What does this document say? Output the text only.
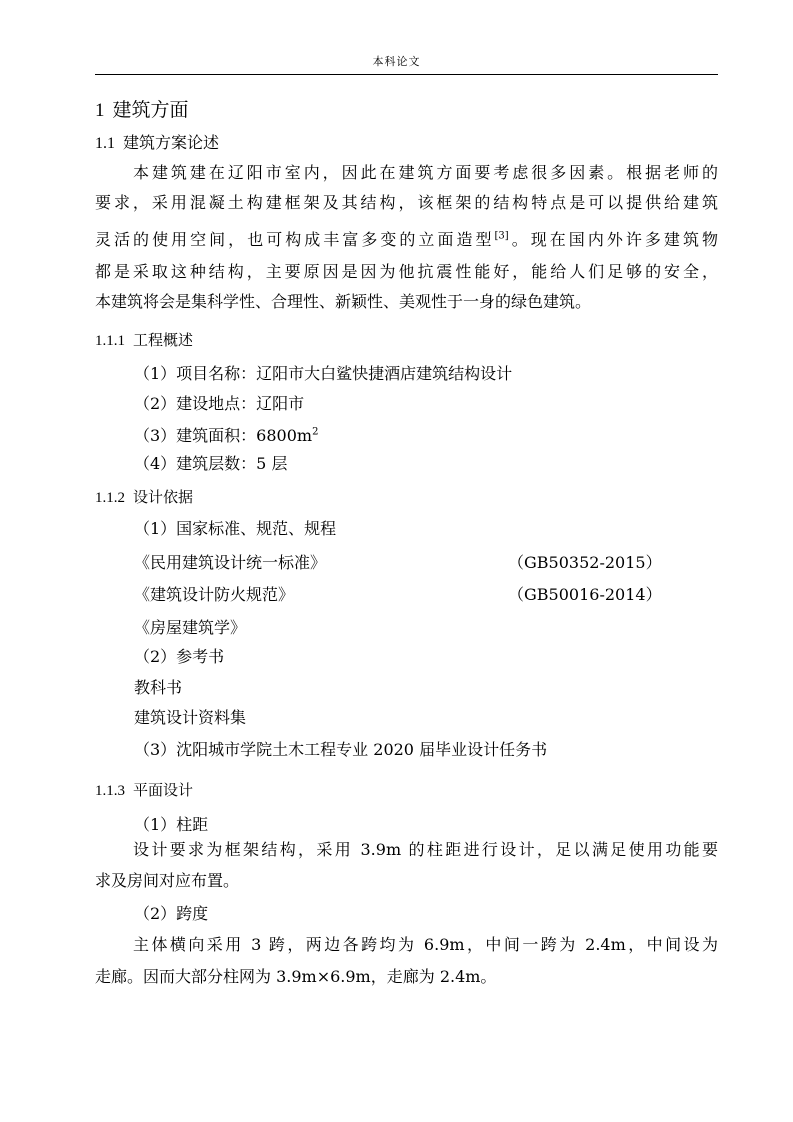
本科论文
1 建筑方面
1.1 建筑方案论述
本建筑建在辽阳市室内，因此在建筑方面要考虑很多因素。根据老师的
要求，采用混凝土构建框架及其结构，该框架的结构特点是可以提供给建筑
灵活的使用空间，也可构成丰富多变的立面造型[3]。现在国内外许多建筑物
都是采取这种结构，主要原因是因为他抗震性能好，能给人们足够的安全，
本建筑将会是集科学性、合理性、新颖性、美观性于一身的绿色建筑。
1.1.1 工程概述
（1）项目名称：辽阳市大白鲨快捷酒店建筑结构设计
（2）建设地点：辽阳市
（3）建筑面积：$6800m^2$
（4）建筑层数：5 层
1.1.2 设计依据
（1）国家标准、规范、规程
《民用建筑设计统一标准》	（GB50352-2015）
《建筑设计防火规范》	（GB50016-2014）
《房屋建筑学》
（2）参考书
教科书
建筑设计资料集
（3）沈阳城市学院土木工程专业 2020 届毕业设计任务书
1.1.3 平面设计
（1）柱距
设计要求为框架结构，采用 3.9m 的柱距进行设计，足以满足使用功能要
求及房间对应布置。
（2）跨度
主体横向采用 3 跨，两边各跨均为 6.9m，中间一跨为 2.4m，中间设为
走廊。因而大部分柱网为 3.9m×6.9m，走廊为 2.4m。
